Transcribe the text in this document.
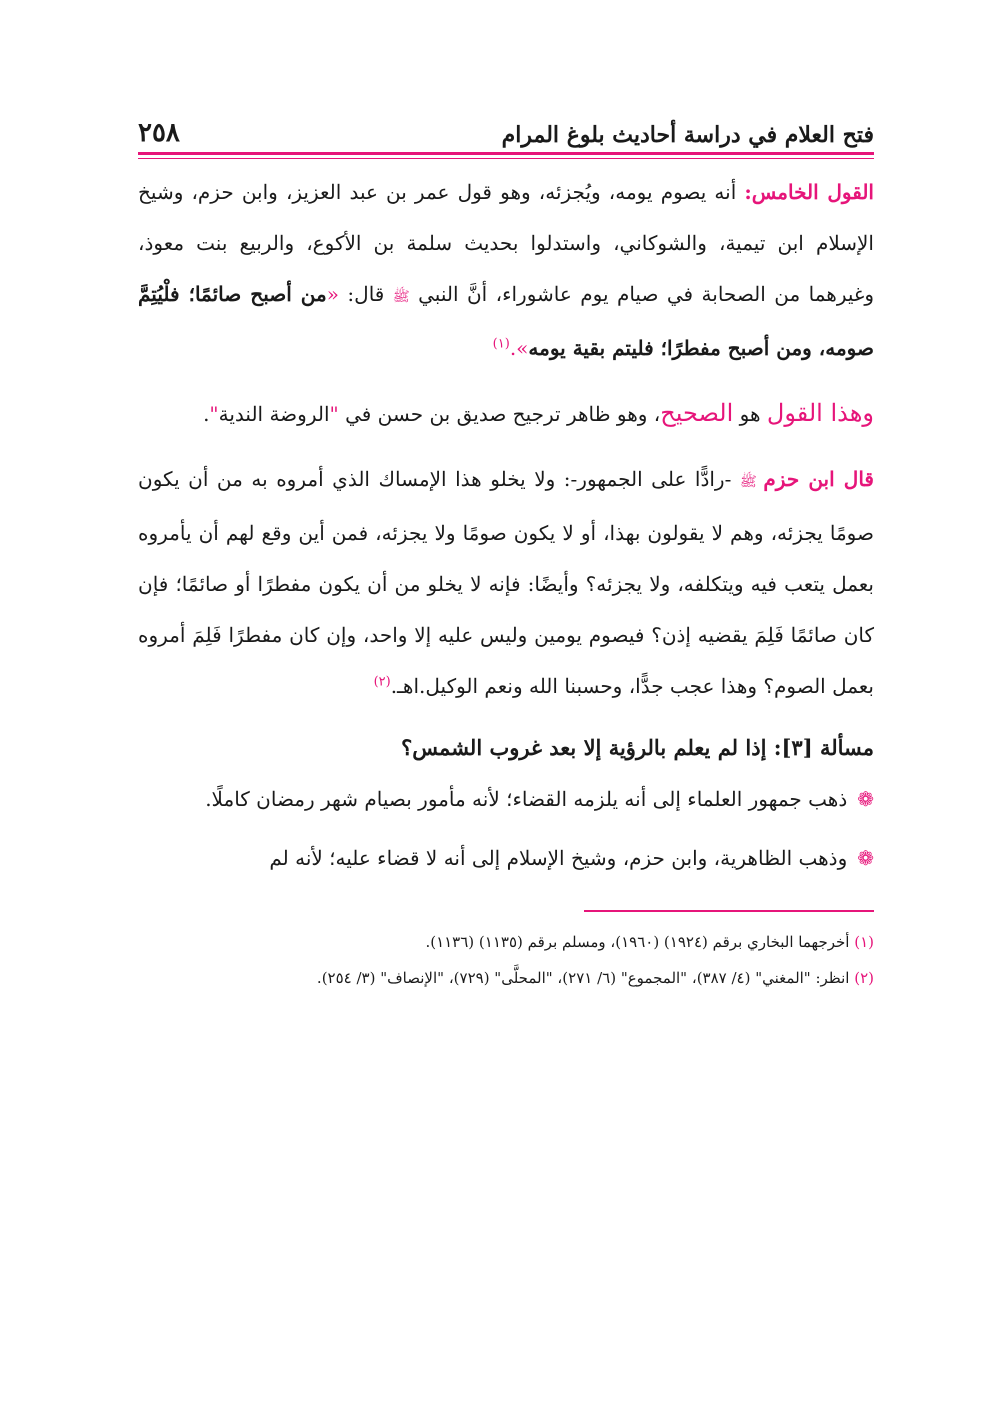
فتح العلام في دراسة أحاديث بلوغ المرام
٢٥٨

القول الخامس: أنه يصوم يومه، ويُجزئه، وهو قول عمر بن عبد العزيز، وابن حزم، وشيخ الإسلام ابن تيمية، والشوكاني، واستدلوا بحديث سلمة بن الأكوع، والربيع بنت معوذ، وغيرهما من الصحابة في صيام يوم عاشوراء، أنَّ النبي ﷺ قال: «من أصبح صائمًا؛ فلْيُتِمَّ صومه، ومن أصبح مفطرًا؛ فليتم بقية يومه».$^{(١)}$

وهذا القول هو الصحيح، وهو ظاهر ترجيح صديق بن حسن في "الروضة الندية".

قال ابن حزم ﷺ -رادًّا على الجمهور-: ولا يخلو هذا الإمساك الذي أمروه به من أن يكون صومًا يجزئه، وهم لا يقولون بهذا، أو لا يكون صومًا ولا يجزئه، فمن أين وقع لهم أن يأمروه بعمل يتعب فيه ويتكلفه، ولا يجزئه؟ وأيضًا: فإنه لا يخلو من أن يكون مفطرًا أو صائمًا؛ فإن كان صائمًا فَلِمَ يقضيه إذن؟ فيصوم يومين وليس عليه إلا واحد، وإن كان مفطرًا فَلِمَ أمروه بعمل الصوم؟ وهذا عجب جدًّا، وحسبنا الله ونعم الوكيل.اهـ.$^{(٢)}$

مسألة [٣]: إذا لم يعلم بالرؤية إلا بعد غروب الشمس؟

❁ذهب جمهور العلماء إلى أنه يلزمه القضاء؛ لأنه مأمور بصيام شهر رمضان كاملًا.

❁وذهب الظاهرية، وابن حزم، وشيخ الإسلام إلى أنه لا قضاء عليه؛ لأنه لم

(١) أخرجهما البخاري برقم (١٩٢٤) (١٩٦٠)، ومسلم برقم (١١٣٥) (١١٣٦).
(٢) انظر: "المغني" (٤/ ٣٨٧)، "المجموع" (٦/ ٢٧١)، "المحلَّى" (٧٢٩)، "الإنصاف" (٣/ ٢٥٤).
